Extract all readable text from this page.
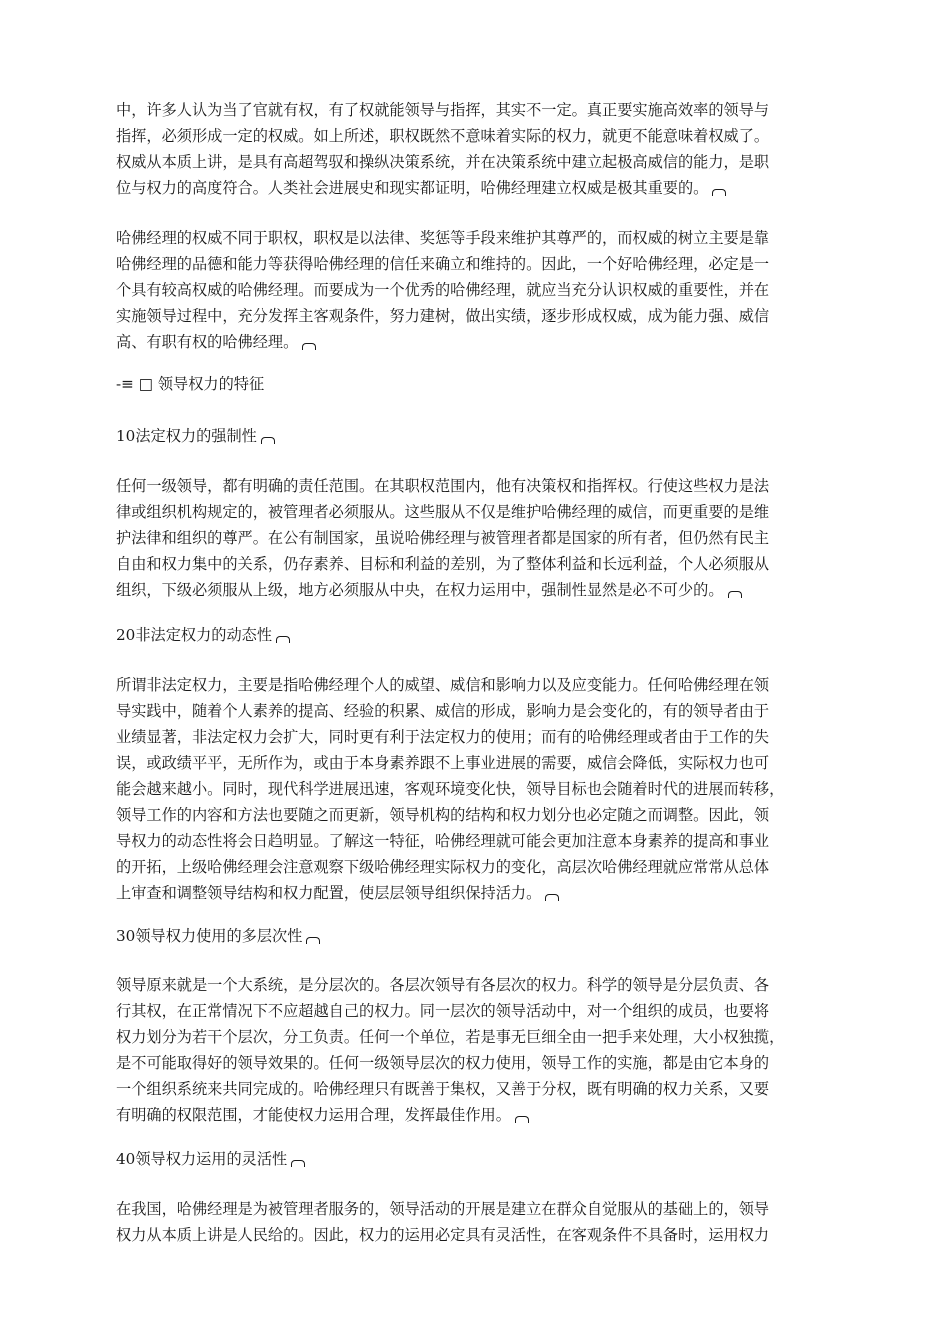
中，许多人认为当了官就有权，有了权就能领导与指挥，其实不一定。真正要实施高效率的领导与
指挥，必须形成一定的权威。如上所述，职权既然不意味着实际的权力，就更不能意味着权威了。
权威从本质上讲，是具有高超驾驭和操纵决策系统，并在决策系统中建立起极高威信的能力，是职
位与权力的高度符合。人类社会进展史和现实都证明，哈佛经理建立权威是极其重要的。
哈佛经理的权威不同于职权，职权是以法律、奖惩等手段来维护其尊严的，而权威的树立主要是靠
哈佛经理的品德和能力等获得哈佛经理的信任来确立和维持的。因此，一个好哈佛经理，必定是一
个具有较高权威的哈佛经理。而要成为一个优秀的哈佛经理，就应当充分认识权威的重要性，并在
实施领导过程中，充分发挥主客观条件，努力建树，做出实绩，逐步形成权威，成为能力强、威信
高、有职有权的哈佛经理。
-≡ □ 领导权力的特征
10法定权力的强制性
任何一级领导，都有明确的责任范围。在其职权范围内，他有决策权和指挥权。行使这些权力是法
律或组织机构规定的，被管理者必须服从。这些服从不仅是维护哈佛经理的威信，而更重要的是维
护法律和组织的尊严。在公有制国家，虽说哈佛经理与被管理者都是国家的所有者，但仍然有民主
自由和权力集中的关系，仍存素养、目标和利益的差别，为了整体利益和长远利益，个人必须服从
组织，下级必须服从上级，地方必须服从中央，在权力运用中，强制性显然是必不可少的。
20非法定权力的动态性
所谓非法定权力，主要是指哈佛经理个人的威望、威信和影响力以及应变能力。任何哈佛经理在领
导实践中，随着个人素养的提高、经验的积累、威信的形成，影响力是会变化的，有的领导者由于
业绩显著，非法定权力会扩大，同时更有利于法定权力的使用；而有的哈佛经理或者由于工作的失
误，或政绩平平，无所作为，或由于本身素养跟不上事业进展的需要，威信会降低，实际权力也可
能会越来越小。同时，现代科学进展迅速，客观环境变化快，领导目标也会随着时代的进展而转移，
领导工作的内容和方法也要随之而更新，领导机构的结构和权力划分也必定随之而调整。因此，领
导权力的动态性将会日趋明显。了解这一特征，哈佛经理就可能会更加注意本身素养的提高和事业
的开拓，上级哈佛经理会注意观察下级哈佛经理实际权力的变化，高层次哈佛经理就应常常从总体
上审查和调整领导结构和权力配置，使层层领导组织保持活力。
30领导权力使用的多层次性
领导原来就是一个大系统，是分层次的。各层次领导有各层次的权力。科学的领导是分层负责、各
行其权，在正常情况下不应超越自己的权力。同一层次的领导活动中，对一个组织的成员，也要将
权力划分为若干个层次，分工负责。任何一个单位，若是事无巨细全由一把手来处理，大小权独揽，
是不可能取得好的领导效果的。任何一级领导层次的权力使用，领导工作的实施，都是由它本身的
一个组织系统来共同完成的。哈佛经理只有既善于集权，又善于分权，既有明确的权力关系，又要
有明确的权限范围，才能使权力运用合理，发挥最佳作用。
40领导权力运用的灵活性
在我国，哈佛经理是为被管理者服务的，领导活动的开展是建立在群众自觉服从的基础上的，领导
权力从本质上讲是人民给的。因此，权力的运用必定具有灵活性，在客观条件不具备时，运用权力
